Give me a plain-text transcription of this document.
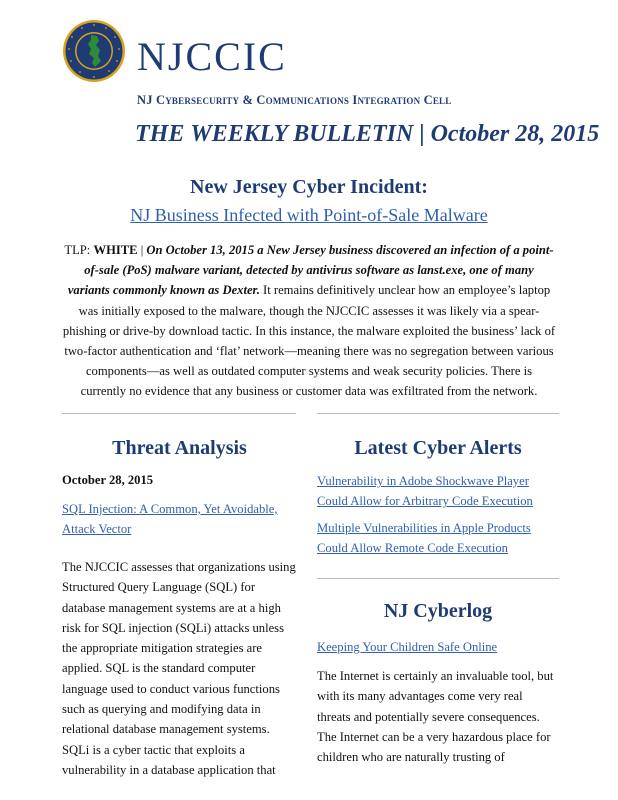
NJCCIC
NJ Cybersecurity & Communications Integration Cell
THE WEEKLY BULLETIN | October 28, 2015
New Jersey Cyber Incident:
NJ Business Infected with Point-of-Sale Malware
TLP: WHITE | On October 13, 2015 a New Jersey business discovered an infection of a point-of-sale (PoS) malware variant, detected by antivirus software as lanst.exe, one of many variants commonly known as Dexter. It remains definitively unclear how an employee’s laptop was initially exposed to the malware, though the NJCCIC assesses it was likely via a spear-phishing or drive-by download tactic. In this instance, the malware exploited the business’ lack of two-factor authentication and ‘flat’ network—meaning there was no segregation between various components—as well as outdated computer systems and weak security policies. There is currently no evidence that any business or customer data was exfiltrated from the network.
Threat Analysis
October 28, 2015
SQL Injection: A Common, Yet Avoidable, Attack Vector

The NJCCIC assesses that organizations using Structured Query Language (SQL) for database management systems are at a high risk for SQL injection (SQLi) attacks unless the appropriate mitigation strategies are applied. SQL is the standard computer language used to conduct various functions such as querying and modifying data in relational database management systems. SQLi is a cyber tactic that exploits a vulnerability in a database application that

Latest Cyber Alerts
Vulnerability in Adobe Shockwave Player Could Allow for Arbitrary Code Execution
Multiple Vulnerabilities in Apple Products Could Allow Remote Code Execution
NJ Cyberlog
Keeping Your Children Safe Online

The Internet is certainly an invaluable tool, but with its many advantages come very real threats and potentially severe consequences. The Internet can be a very hazardous place for children who are naturally trusting of
